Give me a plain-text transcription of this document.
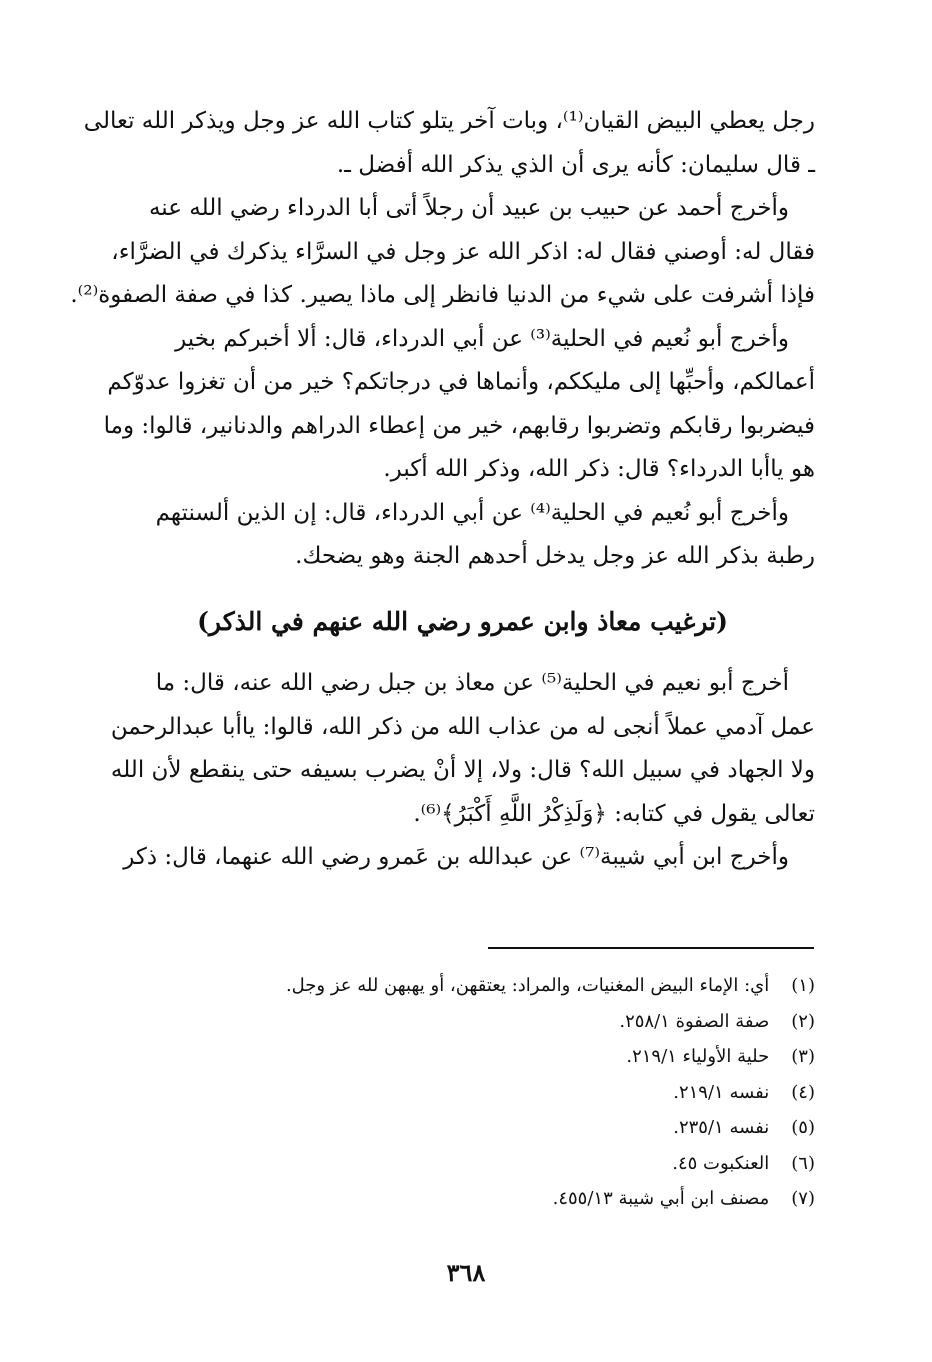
رجل يعطي البيض القيان⁽¹⁾، وبات آخر يتلو كتاب الله عز وجل ويذكر الله تعالى
ـ قال سليمان: كأنه يرى أن الذي يذكر الله أفضل ـ.
وأخرج أحمد عن حبيب بن عبيد أن رجلاً أتى أبا الدرداء رضي الله عنه
فقال له: أوصني فقال له: اذكر الله عز وجل في السرَّاء يذكرك في الضرَّاء،
فإذا أشرفت على شيء من الدنيا فانظر إلى ماذا يصير. كذا في صفة الصفوة⁽²⁾.
وأخرج أبو نُعيم في الحلية⁽³⁾ عن أبي الدرداء، قال: ألا أخبركم بخير
أعمالكم، وأحبِّها إلى مليككم، وأنماها في درجاتكم؟ خير من أن تغزوا عدوّكم
فيضربوا رقابكم وتضربوا رقابهم، خير من إعطاء الدراهم والدنانير، قالوا: وما
هو ياأبا الدرداء؟ قال: ذكر الله، وذكر الله أكبر.
وأخرج أبو نُعيم في الحلية⁽⁴⁾ عن أبي الدرداء، قال: إن الذين ألسنتهم
رطبة بذكر الله عز وجل يدخل أحدهم الجنة وهو يضحك.
(ترغيب معاذ وابن عمرو رضي الله عنهم في الذكر)
أخرج أبو نعيم في الحلية⁽⁵⁾ عن معاذ بن جبل رضي الله عنه، قال: ما
عمل آدمي عملاً أنجى له من عذاب الله من ذكر الله، قالوا: ياأبا عبدالرحمن
ولا الجهاد في سبيل الله؟ قال: ولا، إلا أنْ يضرب بسيفه حتى ينقطع لأن الله
تعالى يقول في كتابه: ﴿وَلَذِكْرُ اللَّهِ أَكْبَرُ﴾⁽⁶⁾.
وأخرج ابن أبي شيبة⁽⁷⁾ عن عبدالله بن عَمرو رضي الله عنهما، قال: ذكر
(١) أي: الإماء البيض المغنيات، والمراد: يعتقهن، أو يهبهن لله عز وجل.
(٢) صفة الصفوة ٢٥٨/١.
(٣) حلية الأولياء ٢١٩/١.
(٤) نفسه ٢١٩/١.
(٥) نفسه ٢٣٥/١.
(٦) العنكبوت ٤٥.
(٧) مصنف ابن أبي شيبة ٤٥٥/١٣.
٣٦٨
